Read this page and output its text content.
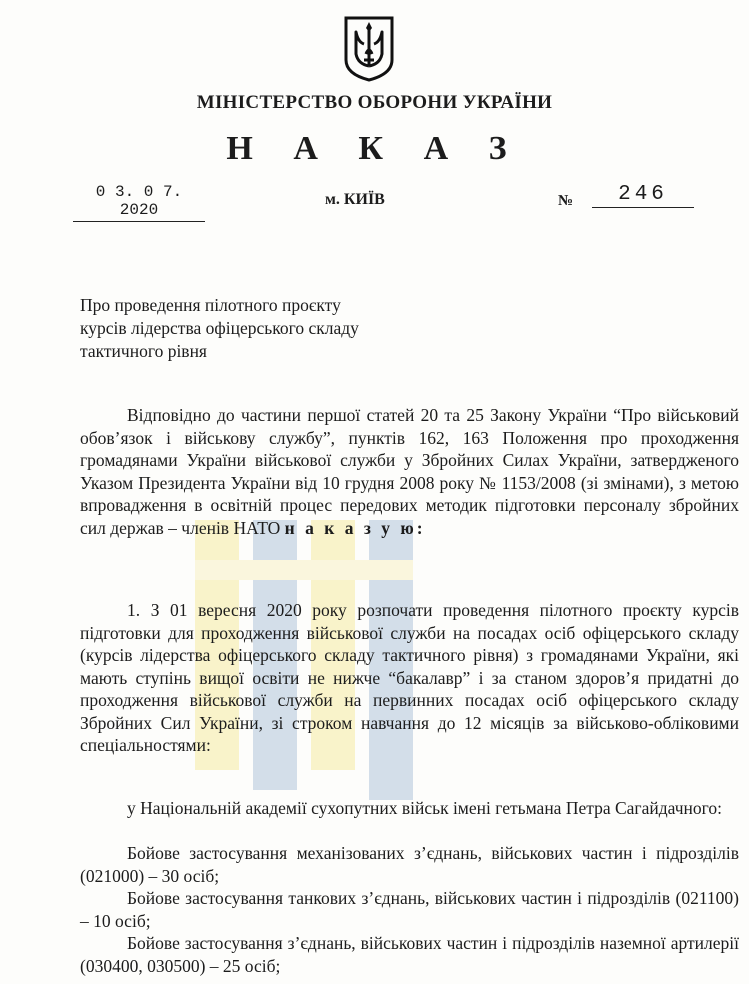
МІНІСТЕРСТВО ОБОРОНИ УКРАЇНИ
Н А К А З
0 3. 0 7. 2020
м. КИЇВ	№	246
Про проведення пілотного проєкту
курсів лідерства офіцерського складу
тактичного рівня
Відповідно до частини першої статей 20 та 25 Закону України “Про військовий обов’язок і військову службу”, пунктів 162, 163 Положення про проходження громадянами України військової служби у Збройних Силах України, затвердженого Указом Президента України від 10 грудня 2008 року № 1153/2008 (зі змінами), з метою впровадження в освітній процес передових методик підготовки персоналу збройних сил держав – членів НАТО н а к а з у ю:
1. З 01 вересня 2020 року розпочати проведення пілотного проєкту курсів підготовки для проходження військової служби на посадах осіб офіцерського складу (курсів лідерства офіцерського складу тактичного рівня) з громадянами України, які мають ступінь вищої освіти не нижче “бакалавр” і за станом здоров’я придатні до проходження військової служби на первинних посадах осіб офіцерського складу Збройних Сил України, зі строком навчання до 12 місяців за військово-обліковими спеціальностями:
у Національній академії сухопутних військ імені гетьмана Петра Сагайдачного:
Бойове застосування механізованих з’єднань, військових частин і підрозділів (021000) – 30 осіб;
Бойове застосування танкових з’єднань, військових частин і підрозділів (021100) – 10 осіб;
Бойове застосування з’єднань, військових частин і підрозділів наземної артилерії (030400, 030500) – 25 осіб;
